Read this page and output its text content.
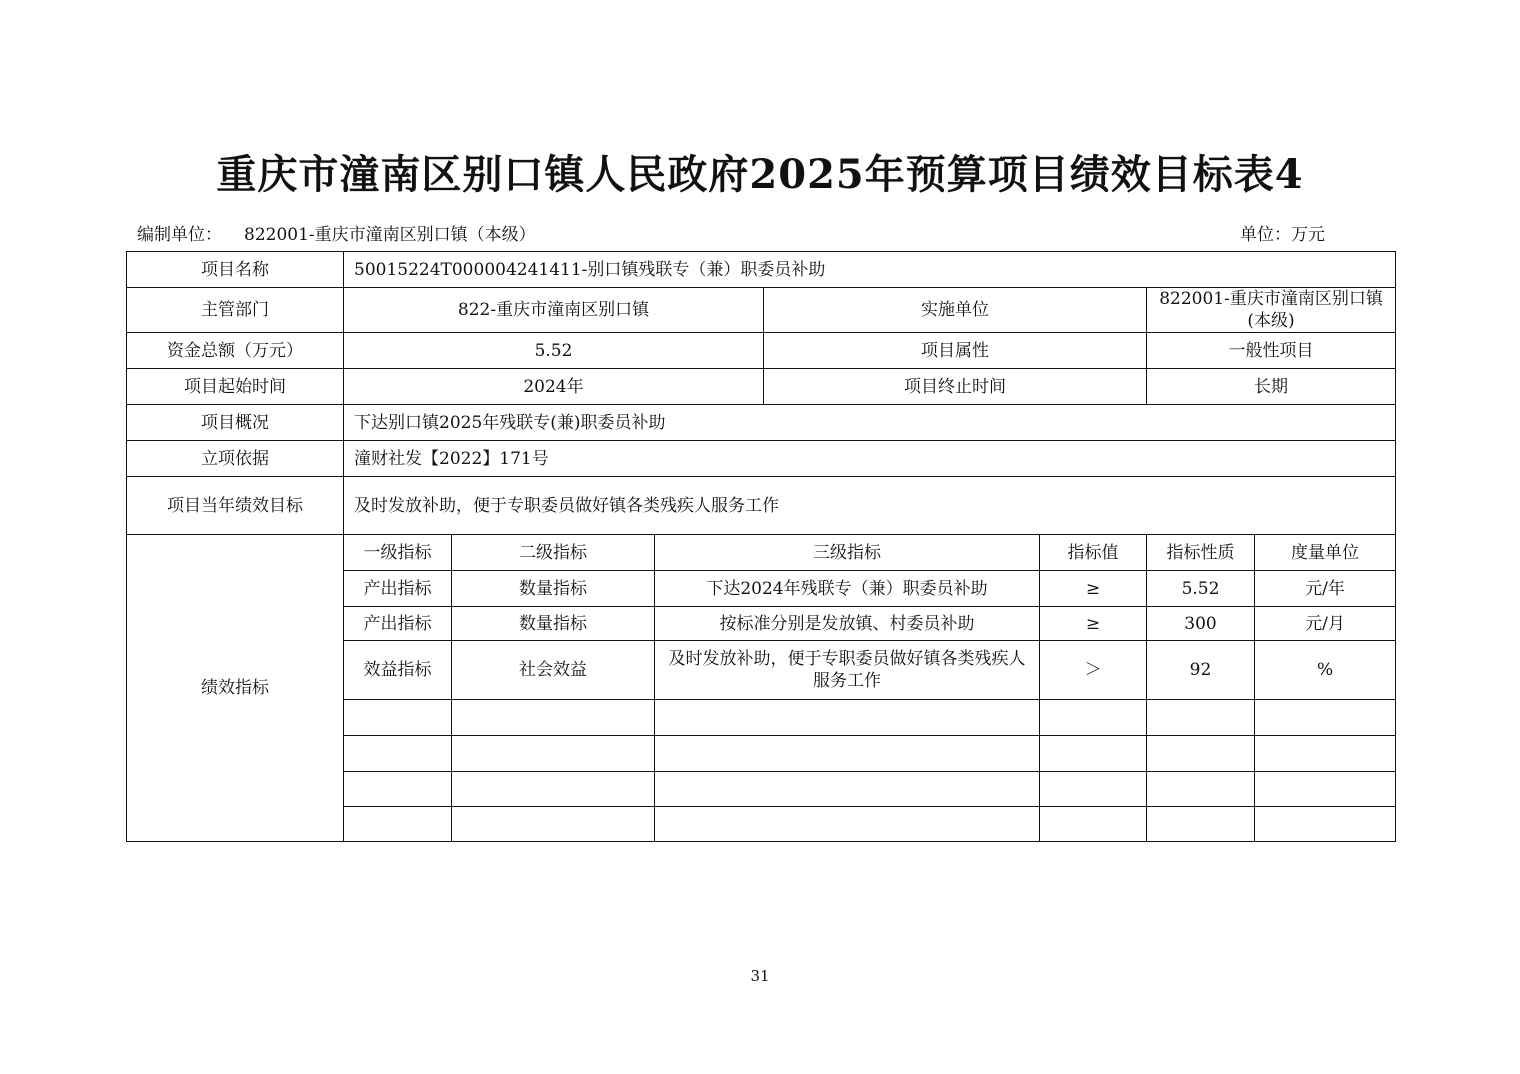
重庆市潼南区别口镇人民政府2025年预算项目绩效目标表4
编制单位： 822001-重庆市潼南区别口镇（本级）	单位：万元
项目名称	50015224T000004241411-别口镇残联专（兼）职委员补助						
主管部门	822-重庆市潼南区别口镇			实施单位		822001-重庆市潼南区别口镇(本级)	
资金总额（万元）	5.52			项目属性		一般性项目	
项目起始时间	2024年			项目终止时间		长期	
项目概况	下达别口镇2025年残联专(兼)职委员补助						
立项依据	潼财社发【2022】171号						
项目当年绩效目标	及时发放补助，便于专职委员做好镇各类残疾人服务工作						
绩效指标	一级指标	二级指标	三级指标		指标值	指标性质	度量单位
	产出指标	数量指标	下达2024年残联专（兼）职委员补助		≥	5.52	元/年
	产出指标	数量指标	按标准分别是发放镇、村委员补助		≥	300	元/月
	效益指标	社会效益	及时发放补助，便于专职委员做好镇各类残疾人服务工作		＞	92	%

31
